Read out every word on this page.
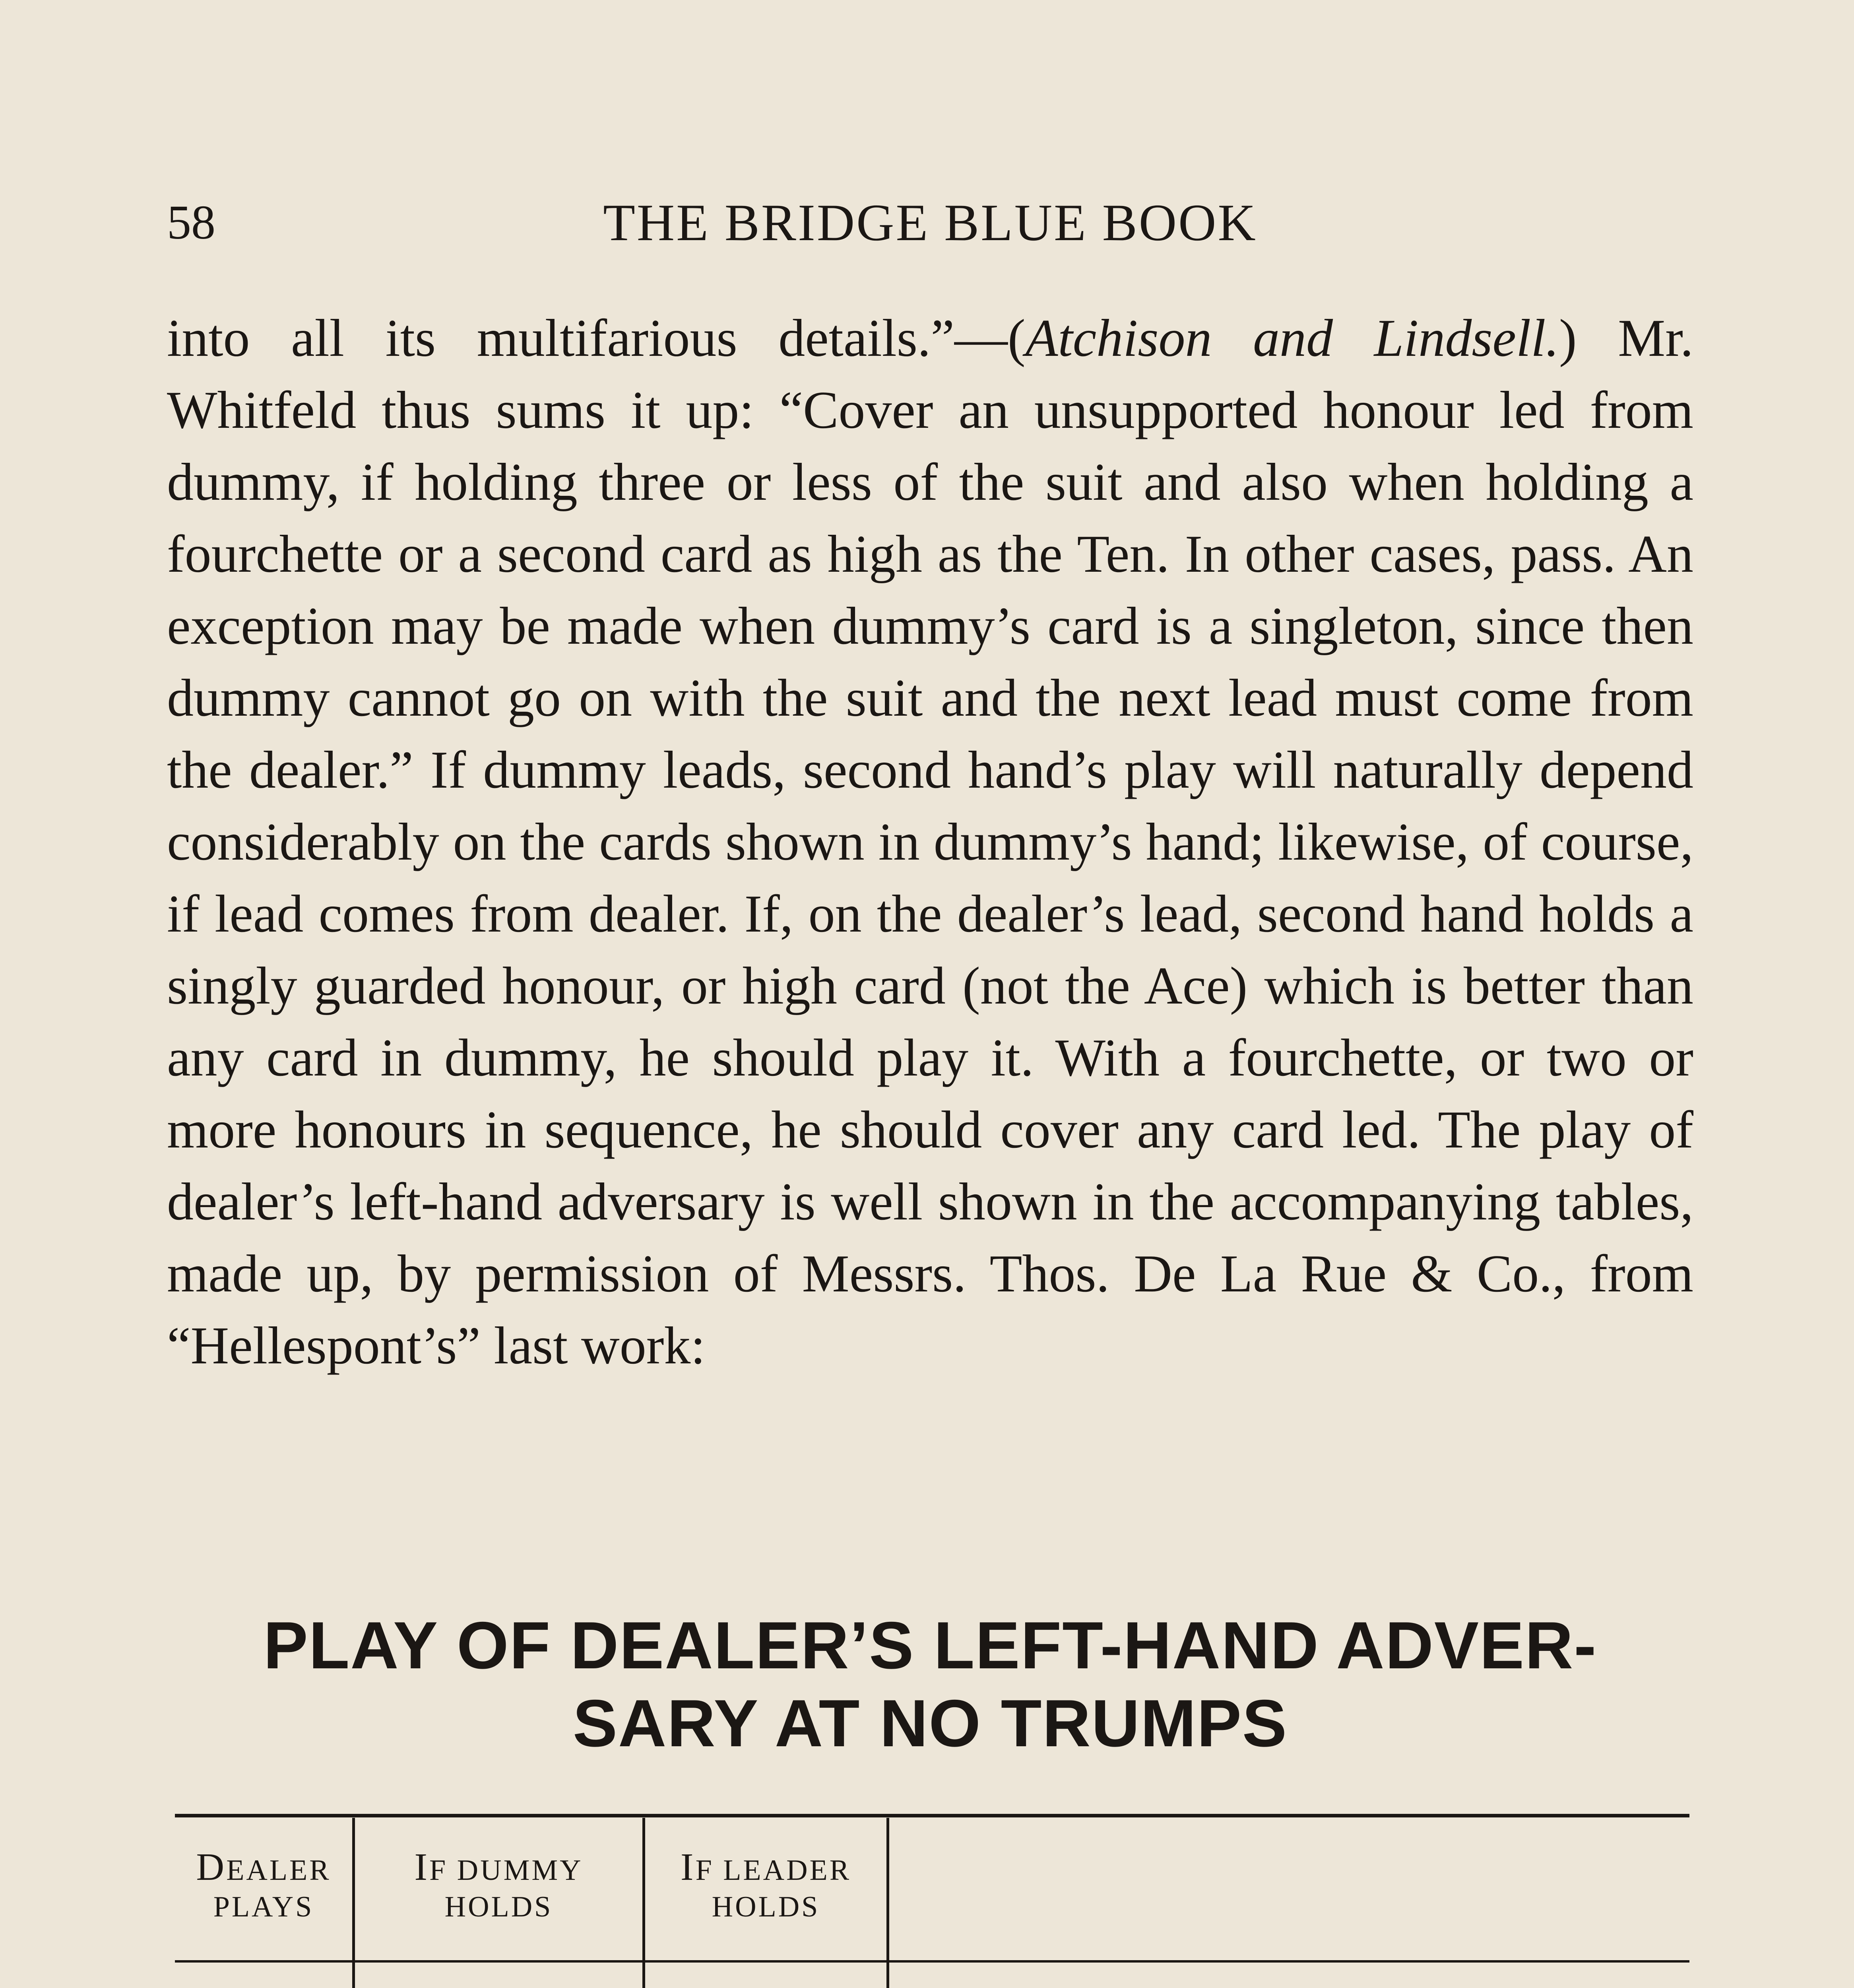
58	THE BRIDGE BLUE BOOK

into all its multifarious details.”—(Atchison and Lindsell.) Mr. Whitfeld thus sums it up: “Cover an unsupported honour led from dummy, if holding three or less of the suit and also when holding a fourchette or a second card as high as the Ten. In other cases, pass. An exception may be made when dummy’s card is a singleton, since then dummy cannot go on with the suit and the next lead must come from the dealer.” If dummy leads, second hand’s play will naturally depend considerably on the cards shown in dummy’s hand; likewise, of course, if lead comes from dealer. If, on the dealer’s lead, second hand holds a singly guarded honour, or high card (not the Ace) which is better than any card in dummy, he should play it. With a fourchette, or two or more honours in sequence, he should cover any card led. The play of dealer’s left-hand adversary is well shown in the accompanying tables, made up, by permission of Messrs. Thos. De La Rue & Co., from “Hellespont’s” last work:

PLAY OF DEALER’S LEFT-HAND ADVER-
SARY AT NO TRUMPS
DEALER
PLAYS
IF DUMMY
HOLDS
IF LEADER
HOLDS
